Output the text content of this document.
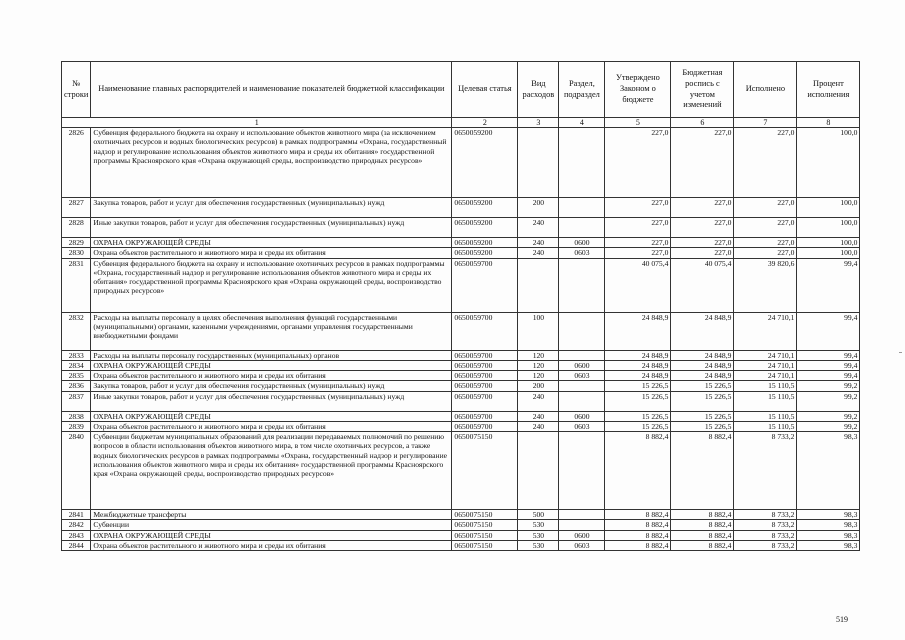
№ строки	Наименование главных распорядителей и наименование показателей бюджетной классификации	Целевая статья	Вид расходов	Раздел, подраздел	Утверждено Законом о бюджете	Бюджетная роспись с учетом изменений	Исполнено	Процент исполнения
1		2	3	4	5	6	7	8
2826	Субвенция федерального бюджета на охрану и использование объектов животного мира (за исключением охотничьих ресурсов и водных биологических ресурсов) в рамках подпрограммы «Охрана, государственный надзор и регулирование использования объектов животного мира и среды их обитания» государственной программы Красноярского края «Охрана окружающей среды, воспроизводство природных ресурсов»	0650059200			227,0	227,0	227,0	100,0
2827	Закупка товаров, работ и услуг для обеспечения государственных (муниципальных) нужд	0650059200	200		227,0	227,0	227,0	100,0
2828	Иные закупки товаров, работ и услуг для обеспечения государственных (муниципальных) нужд	0650059200	240		227,0	227,0	227,0	100,0
2829	ОХРАНА ОКРУЖАЮЩЕЙ СРЕДЫ	0650059200	240	0600	227,0	227,0	227,0	100,0
2830	Охрана объектов растительного и животного мира и среды их обитания	0650059200	240	0603	227,0	227,0	227,0	100,0
2831	Субвенция федерального бюджета на охрану и использование охотничьих ресурсов в рамках подпрограммы «Охрана, государственный надзор и регулирование использования объектов животного мира и среды их обитания» государственной программы Красноярского края «Охрана окружающей среды, воспроизводство природных ресурсов»	0650059700			40 075,4	40 075,4	39 820,6	99,4
2832	Расходы на выплаты персоналу в целях обеспечения выполнения функций государственными (муниципальными) органами, казенными учреждениями, органами управления государственными внебюджетными фондами	0650059700	100		24 848,9	24 848,9	24 710,1	99,4
2833	Расходы на выплаты персоналу государственных (муниципальных) органов	0650059700	120		24 848,9	24 848,9	24 710,1	99,4
2834	ОХРАНА ОКРУЖАЮЩЕЙ СРЕДЫ	0650059700	120	0600	24 848,9	24 848,9	24 710,1	99,4
2835	Охрана объектов растительного и животного мира и среды их обитания	0650059700	120	0603	24 848,9	24 848,9	24 710,1	99,4
2836	Закупка товаров, работ и услуг для обеспечения государственных (муниципальных) нужд	0650059700	200		15 226,5	15 226,5	15 110,5	99,2
2837	Иные закупки товаров, работ и услуг для обеспечения государственных (муниципальных) нужд	0650059700	240		15 226,5	15 226,5	15 110,5	99,2
2838	ОХРАНА ОКРУЖАЮЩЕЙ СРЕДЫ	0650059700	240	0600	15 226,5	15 226,5	15 110,5	99,2
2839	Охрана объектов растительного и животного мира и среды их обитания	0650059700	240	0603	15 226,5	15 226,5	15 110,5	99,2
2840	Субвенции бюджетам муниципальных образований для реализации передаваемых полномочий по решению вопросов в области использования объектов животного мира, в том числе охотничьих ресурсов, а также водных биологических ресурсов в рамках подпрограммы «Охрана, государственный надзор и регулирование использования объектов животного мира и среды их обитания» государственной программы Красноярского края «Охрана окружающей среды, воспроизводство природных ресурсов»	0650075150			8 882,4	8 882,4	8 733,2	98,3
2841	Межбюджетные трансферты	0650075150	500		8 882,4	8 882,4	8 733,2	98,3
2842	Субвенции	0650075150	530		8 882,4	8 882,4	8 733,2	98,3
2843	ОХРАНА ОКРУЖАЮЩЕЙ СРЕДЫ	0650075150	530	0600	8 882,4	8 882,4	8 733,2	98,3
2844	Охрана объектов растительного и животного мира и среды их обитания	0650075150	530	0603	8 882,4	8 882,4	8 733,2	98,3
519
